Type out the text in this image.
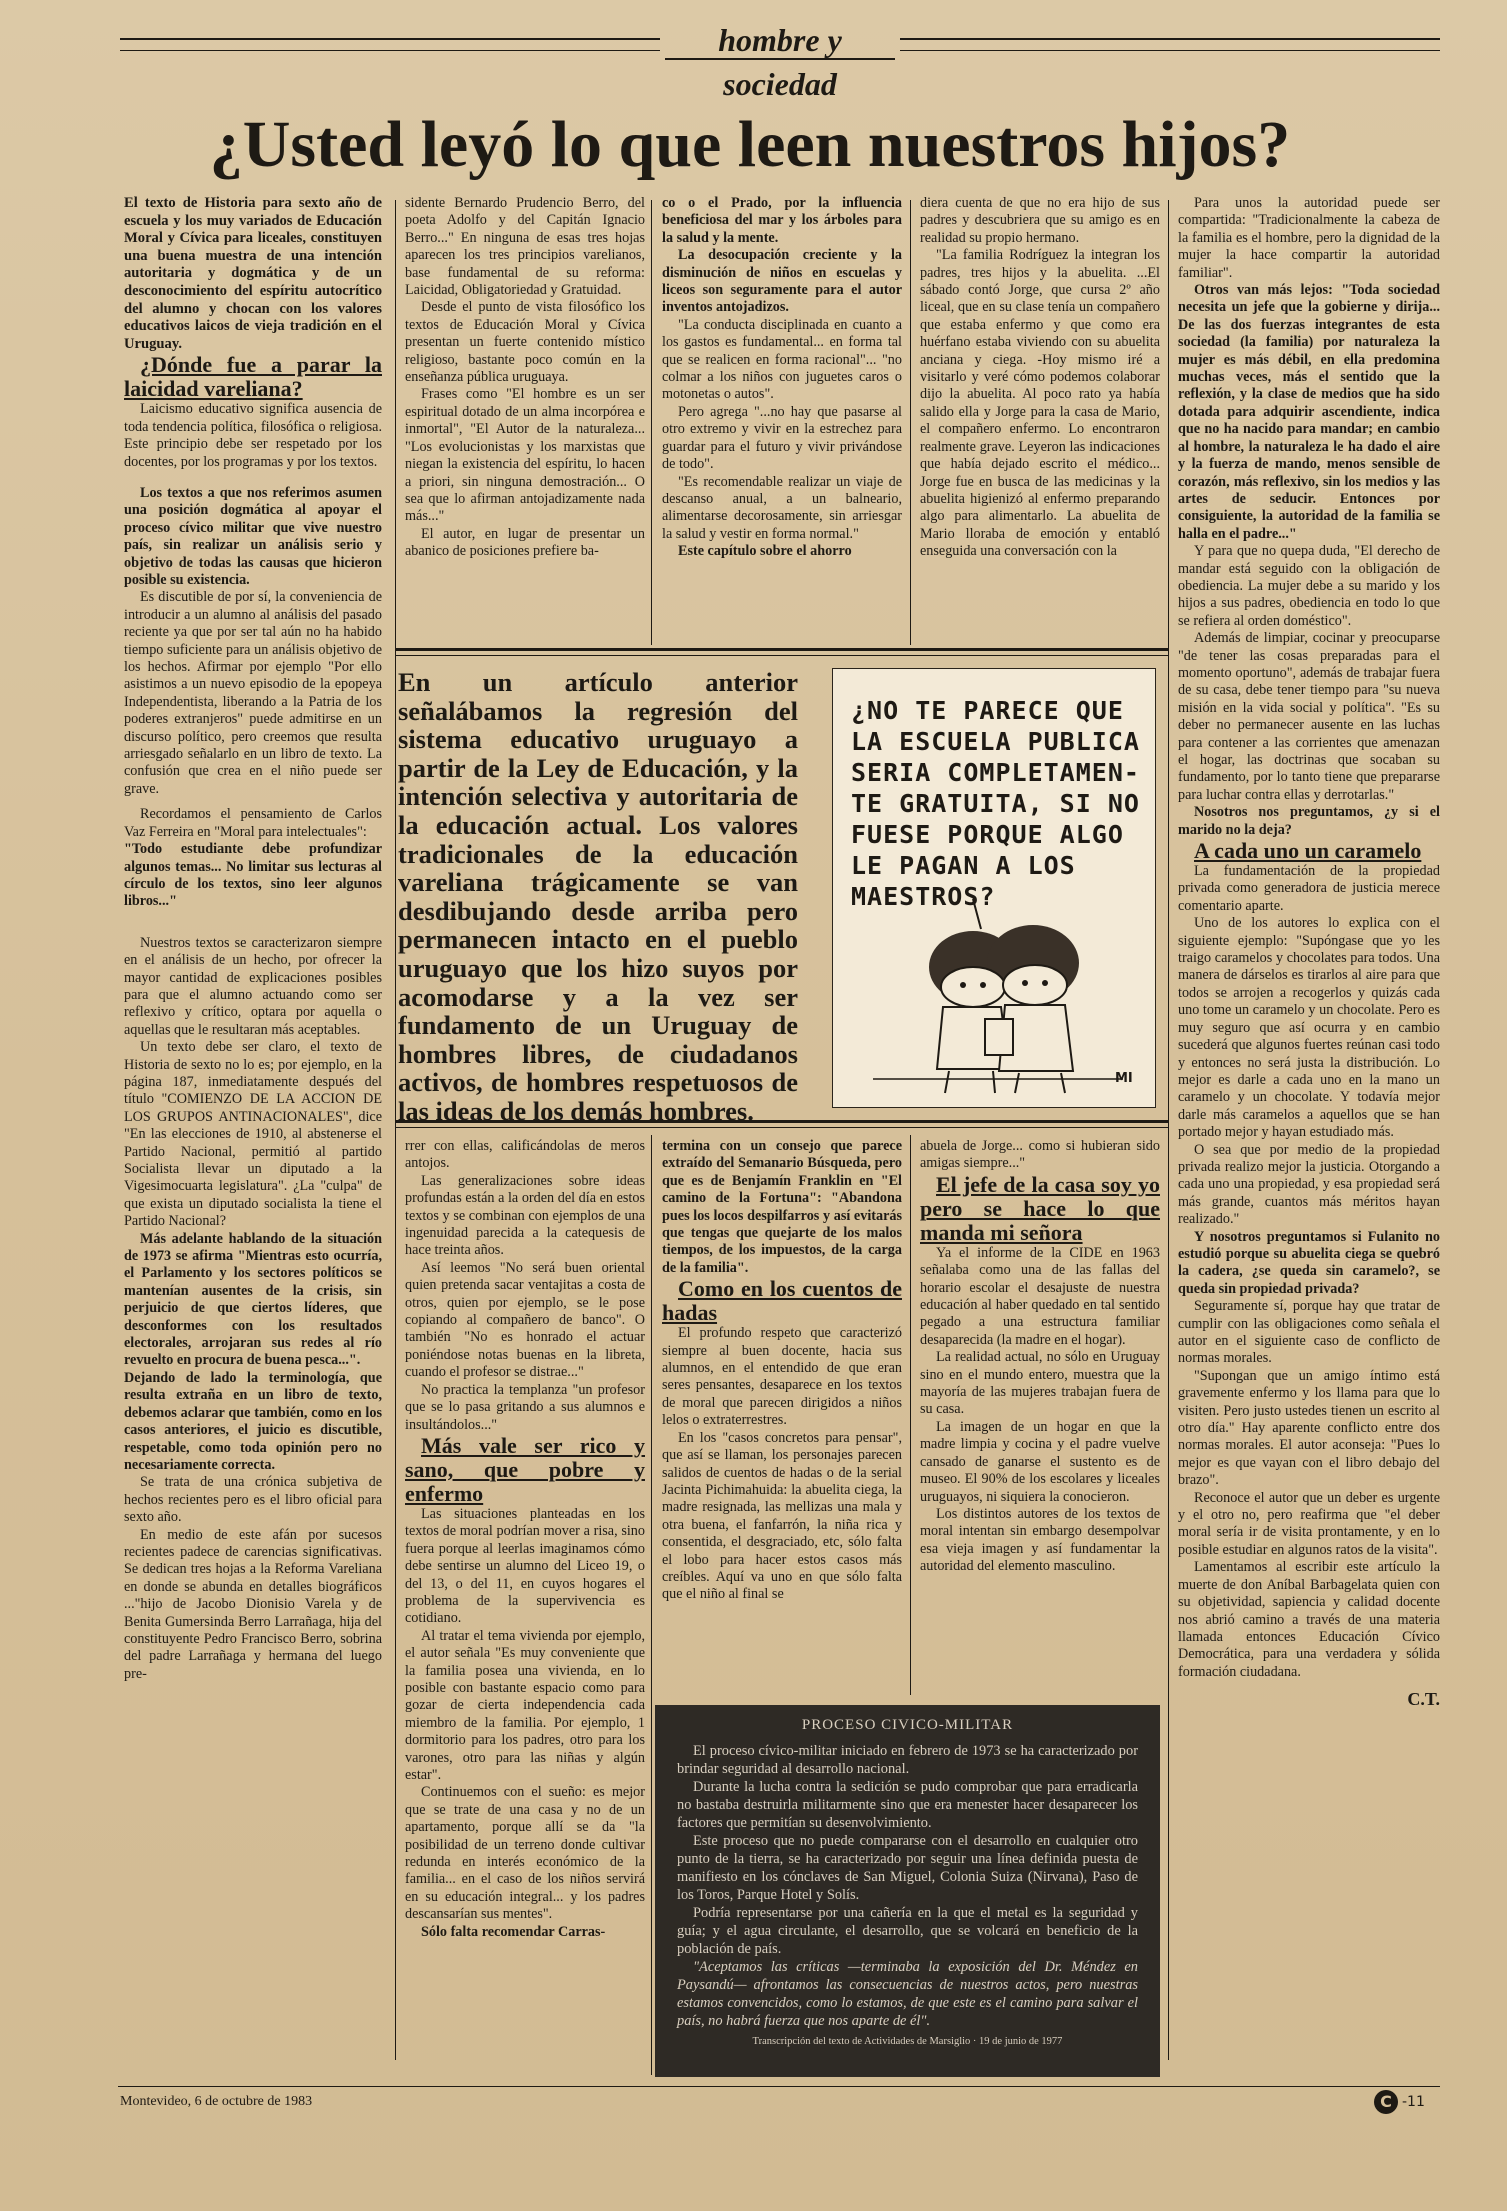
hombre y sociedad
¿Usted leyó lo que leen nuestros hijos?

El texto de Historia para sexto año de escuela y los muy variados de Educación Moral y Cívica para liceales, constituyen una buena muestra de una intención autoritaria y dogmática y de un desconocimiento del espíritu autocrítico del alumno y chocan con los valores educativos laicos de vieja tradición en el Uruguay.

¿Dónde fue a parar la laicidad vareliana?

Laicismo educativo significa ausencia de toda tendencia política, filosófica o religiosa. Este principio debe ser respetado por los docentes, por los programas y por los textos.

Los textos a que nos referimos asumen una posición dogmática al apoyar el proceso cívico militar que vive nuestro país, sin realizar un análisis serio y objetivo de todas las causas que hicieron posible su existencia.

Es discutible de por sí, la conveniencia de introducir a un alumno al análisis del pasado reciente ya que por ser tal aún no ha habido tiempo suficiente para un análisis objetivo de los hechos. Afirmar por ejemplo "Por ello asistimos a un nuevo episodio de la epopeya Independentista, liberando a la Patria de los poderes extranjeros" puede admitirse en un discurso político, pero creemos que resulta arriesgado señalarlo en un libro de texto. La confusión que crea en el niño puede ser grave.

Recordamos el pensamiento de Carlos Vaz Ferreira en "Moral para intelectuales":

"Todo estudiante debe profundizar algunos temas... No limitar sus lecturas al círculo de los textos, sino leer algunos libros..."

Nuestros textos se caracterizaron siempre en el análisis de un hecho, por ofrecer la mayor cantidad de explicaciones posibles para que el alumno actuando como ser reflexivo y crítico, optara por aquella o aquellas que le resultaran más aceptables.

Un texto debe ser claro, el texto de Historia de sexto no lo es; por ejemplo, en la página 187, inmediatamente después del título "COMIENZO DE LA ACCION DE LOS GRUPOS ANTINACIONALES", dice "En las elecciones de 1910, al abstenerse el Partido Nacional, permitió al partido Socialista llevar un diputado a la Vigesimocuarta legislatura". ¿La "culpa" de que exista un diputado socialista la tiene el Partido Nacional?

Más adelante hablando de la situación de 1973 se afirma "Mientras esto ocurría, el Parlamento y los sectores políticos se mantenían ausentes de la crisis, sin perjuicio de que ciertos líderes, que desconformes con los resultados electorales, arrojaran sus redes al río revuelto en procura de buena pesca...".

Dejando de lado la terminología, que resulta extraña en un libro de texto, debemos aclarar que también, como en los casos anteriores, el juicio es discutible, respetable, como toda opinión pero no necesariamente correcta.

Se trata de una crónica subjetiva de hechos recientes pero es el libro oficial para sexto año.

En medio de este afán por sucesos recientes padece de carencias significativas. Se dedican tres hojas a la Reforma Vareliana en donde se abunda en detalles biográficos ..."hijo de Jacobo Dionisio Varela y de Benita Gumersinda Berro Larrañaga, hija del constituyente Pedro Francisco Berro, sobrina del padre Larrañaga y hermana del luego pre-

sidente Bernardo Prudencio Berro, del poeta Adolfo y del Capitán Ignacio Berro..." En ninguna de esas tres hojas aparecen los tres principios varelianos, base fundamental de su reforma: Laicidad, Obligatoriedad y Gratuidad.

Desde el punto de vista filosófico los textos de Educación Moral y Cívica presentan un fuerte contenido místico religioso, bastante poco común en la enseñanza pública uruguaya.

Frases como "El hombre es un ser espiritual dotado de un alma incorpórea e inmortal", "El Autor de la naturaleza... "Los evolucionistas y los marxistas que niegan la existencia del espíritu, lo hacen a priori, sin ninguna demostración... O sea que lo afirman antojadizamente nada más..."

El autor, en lugar de presentar un abanico de posiciones prefiere ba-

co o el Prado, por la influencia beneficiosa del mar y los árboles para la salud y la mente.

La desocupación creciente y la disminución de niños en escuelas y liceos son seguramente para el autor inventos antojadizos.

"La conducta disciplinada en cuanto a los gastos es fundamental... en forma tal que se realicen en forma racional"... "no colmar a los niños con juguetes caros o motonetas o autos".

Pero agrega "...no hay que pasarse al otro extremo y vivir en la estrechez para guardar para el futuro y vivir privándose de todo".

"Es recomendable realizar un viaje de descanso anual, a un balneario, alimentarse decorosamente, sin arriesgar la salud y vestir en forma normal."

Este capítulo sobre el ahorro

diera cuenta de que no era hijo de sus padres y descubriera que su amigo es en realidad su propio hermano.

"La familia Rodríguez la integran los padres, tres hijos y la abuelita. ...El sábado contó Jorge, que cursa 2º año liceal, que en su clase tenía un compañero que estaba enfermo y que como era huérfano estaba viviendo con su abuelita anciana y ciega. -Hoy mismo iré a visitarlo y veré cómo podemos colaborar dijo la abuelita. Al poco rato ya había salido ella y Jorge para la casa de Mario, el compañero enfermo. Lo encontraron realmente grave. Leyeron las indicaciones que había dejado escrito el médico... Jorge fue en busca de las medicinas y la abuelita higienizó al enfermo preparando algo para alimentarlo. La abuelita de Mario lloraba de emoción y entabló enseguida una conversación con la

Para unos la autoridad puede ser compartida: "Tradicionalmente la cabeza de la familia es el hombre, pero la dignidad de la mujer la hace compartir la autoridad familiar".

Otros van más lejos: "Toda sociedad necesita un jefe que la gobierne y dirija... De las dos fuerzas integrantes de esta sociedad (la familia) por naturaleza la mujer es más débil, en ella predomina muchas veces, más el sentido que la reflexión, y la clase de medios que ha sido dotada para adquirir ascendiente, indica que no ha nacido para mandar; en cambio al hombre, la naturaleza le ha dado el aire y la fuerza de mando, menos sensible de corazón, más reflexivo, sin los medios y las artes de seducir. Entonces por consiguiente, la autoridad de la familia se halla en el padre..."

Y para que no quepa duda, "El derecho de mandar está seguido con la obligación de obediencia. La mujer debe a su marido y los hijos a sus padres, obediencia en todo lo que se refiera al orden doméstico".

Además de limpiar, cocinar y preocuparse "de tener las cosas preparadas para el momento oportuno", además de trabajar fuera de su casa, debe tener tiempo para "su nueva misión en la vida social y política". "Es su deber no permanecer ausente en las luchas para contener a las corrientes que amenazan el hogar, las doctrinas que socaban su fundamento, por lo tanto tiene que prepararse para luchar contra ellas y derrotarlas."

Nosotros nos preguntamos, ¿y si el marido no la deja?

A cada uno un caramelo

La fundamentación de la propiedad privada como generadora de justicia merece comentario aparte.

Uno de los autores lo explica con el siguiente ejemplo: "Supóngase que yo les traigo caramelos y chocolates para todos. Una manera de dárselos es tirarlos al aire para que todos se arrojen a recogerlos y quizás cada uno tome un caramelo y un chocolate. Pero es muy seguro que así ocurra y en cambio sucederá que algunos fuertes reúnan casi todo y entonces no será justa la distribución. Lo mejor es darle a cada uno en la mano un caramelo y un chocolate. Y todavía mejor darle más caramelos a aquellos que se han portado mejor y hayan estudiado más.

O sea que por medio de la propiedad privada realizo mejor la justicia. Otorgando a cada uno una propiedad, y esa propiedad será más grande, cuantos más méritos hayan realizado."

Y nosotros preguntamos si Fulanito no estudió porque su abuelita ciega se quebró la cadera, ¿se queda sin caramelo?, se queda sin propiedad privada?

Seguramente sí, porque hay que tratar de cumplir con las obligaciones como señala el autor en el siguiente caso de conflicto de normas morales.

"Supongan que un amigo íntimo está gravemente enfermo y los llama para que lo visiten. Pero justo ustedes tienen un escrito al otro día." Hay aparente conflicto entre dos normas morales. El autor aconseja: "Pues lo mejor es que vayan con el libro debajo del brazo".

Reconoce el autor que un deber es urgente y el otro no, pero reafirma que "el deber moral sería ir de visita prontamente, y en lo posible estudiar en algunos ratos de la visita".

Lamentamos al escribir este artículo la muerte de don Aníbal Barbagelata quien con su objetividad, sapiencia y calidad docente nos abrió camino a través de una materia llamada entonces Educación Cívico Democrática, para una verdadera y sólida formación ciudadana.

C.T.

En un artículo anterior señalábamos la regresión del sistema educativo uruguayo a partir de la Ley de Educación, y la intención selectiva y autoritaria de la educación actual. Los valores tradicionales de la educación vareliana trágicamente se van desdibujando desde arriba pero permanecen intacto en el pueblo uruguayo que los hizo suyos por acomodarse y a la vez ser fundamento de un Uruguay de hombres libres, de ciudadanos activos, de hombres respetuosos de las ideas de los demás hombres.
¿NO TE PARECE QUE
LA ESCUELA PUBLICA
SERIA COMPLETAMEN-
TE GRATUITA, SI NO
FUESE PORQUE ALGO
LE PAGAN A LOS
MAESTROS?
MI

rrer con ellas, calificándolas de meros antojos.

Las generalizaciones sobre ideas profundas están a la orden del día en estos textos y se combinan con ejemplos de una ingenuidad parecida a la catequesis de hace treinta años.

Así leemos "No será buen oriental quien pretenda sacar ventajitas a costa de otros, quien por ejemplo, se le pose copiando al compañero de banco". O también "No es honrado el actuar poniéndose notas buenas en la libreta, cuando el profesor se distrae..."

No practica la templanza "un profesor que se lo pasa gritando a sus alumnos e insultándolos..."

Más vale ser rico y sano, que pobre y enfermo

Las situaciones planteadas en los textos de moral podrían mover a risa, sino fuera porque al leerlas imaginamos cómo debe sentirse un alumno del Liceo 19, o del 13, o del 11, en cuyos hogares el problema de la supervivencia es cotidiano.

Al tratar el tema vivienda por ejemplo, el autor señala "Es muy conveniente que la familia posea una vivienda, en lo posible con bastante espacio como para gozar de cierta independencia cada miembro de la familia. Por ejemplo, 1 dormitorio para los padres, otro para los varones, otro para las niñas y algún estar".

Continuemos con el sueño: es mejor que se trate de una casa y no de un apartamento, porque allí se da "la posibilidad de un terreno donde cultivar redunda en interés económico de la familia... en el caso de los niños servirá en su educación integral... y los padres descansarían sus mentes".

Sólo falta recomendar Carras-

termina con un consejo que parece extraído del Semanario Búsqueda, pero que es de Benjamín Franklin en "El camino de la Fortuna": "Abandona pues los locos despilfarros y así evitarás que tengas que quejarte de los malos tiempos, de los impuestos, de la carga de la familia".

Como en los cuentos de hadas

El profundo respeto que caracterizó siempre al buen docente, hacia sus alumnos, en el entendido de que eran seres pensantes, desaparece en los textos de moral que parecen dirigidos a niños lelos o extraterrestres.

En los "casos concretos para pensar", que así se llaman, los personajes parecen salidos de cuentos de hadas o de la serial Jacinta Pichimahuida: la abuelita ciega, la madre resignada, las mellizas una mala y otra buena, el fanfarrón, la niña rica y consentida, el desgraciado, etc, sólo falta el lobo para hacer estos casos más creíbles. Aquí va uno en que sólo falta que el niño al final se

abuela de Jorge... como si hubieran sido amigas siempre..."

El jefe de la casa soy yo pero se hace lo que manda mi señora

Ya el informe de la CIDE en 1963 señalaba como una de las fallas del horario escolar el desajuste de nuestra educación al haber quedado en tal sentido pegado a una estructura familiar desaparecida (la madre en el hogar).

La realidad actual, no sólo en Uruguay sino en el mundo entero, muestra que la mayoría de las mujeres trabajan fuera de su casa.

La imagen de un hogar en que la madre limpia y cocina y el padre vuelve cansado de ganarse el sustento es de museo. El 90% de los escolares y liceales uruguayos, ni siquiera la conocieron.

Los distintos autores de los textos de moral intentan sin embargo desempolvar esa vieja imagen y así fundamentar la autoridad del elemento masculino.

PROCESO CIVICO-MILITAR

El proceso cívico-militar iniciado en febrero de 1973 se ha caracterizado por brindar seguridad al desarrollo nacional.

Durante la lucha contra la sedición se pudo comprobar que para erradicarla no bastaba destruirla militarmente sino que era menester hacer desaparecer los factores que permitían su desenvolvimiento.

Este proceso que no puede compararse con el desarrollo en cualquier otro punto de la tierra, se ha caracterizado por seguir una línea definida puesta de manifiesto en los cónclaves de San Miguel, Colonia Suiza (Nirvana), Paso de los Toros, Parque Hotel y Solís.

Podría representarse por una cañería en la que el metal es la seguridad y guía; y el agua circulante, el desarrollo, que se volcará en beneficio de la población de país.

"Aceptamos las críticas —terminaba la exposición del Dr. Méndez en Paysandú— afrontamos las consecuencias de nuestros actos, pero nuestras estamos convencidos, como lo estamos, de que este es el camino para salvar el país, no habrá fuerza que nos aparte de él".

Transcripción del texto de Actividades de Marsiglio · 19 de junio de 1977
Montevideo, 6 de octubre de 1983	C -11
